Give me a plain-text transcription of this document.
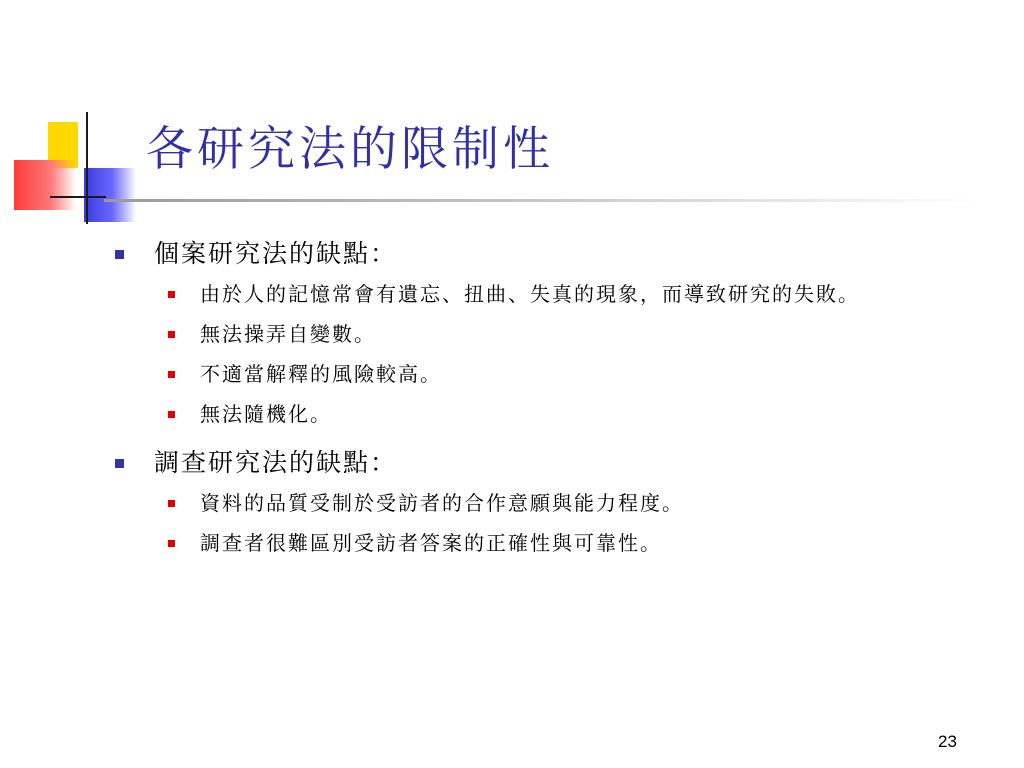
各研究法的限制性

個案研究法的缺點：

由於人的記憶常會有遺忘、扭曲、失真的現象，而導致研究的失敗。

無法操弄自變數。

不適當解釋的風險較高。

無法隨機化。

調查研究法的缺點：

資料的品質受制於受訪者的合作意願與能力程度。

調查者很難區別受訪者答案的正確性與可靠性。

23
